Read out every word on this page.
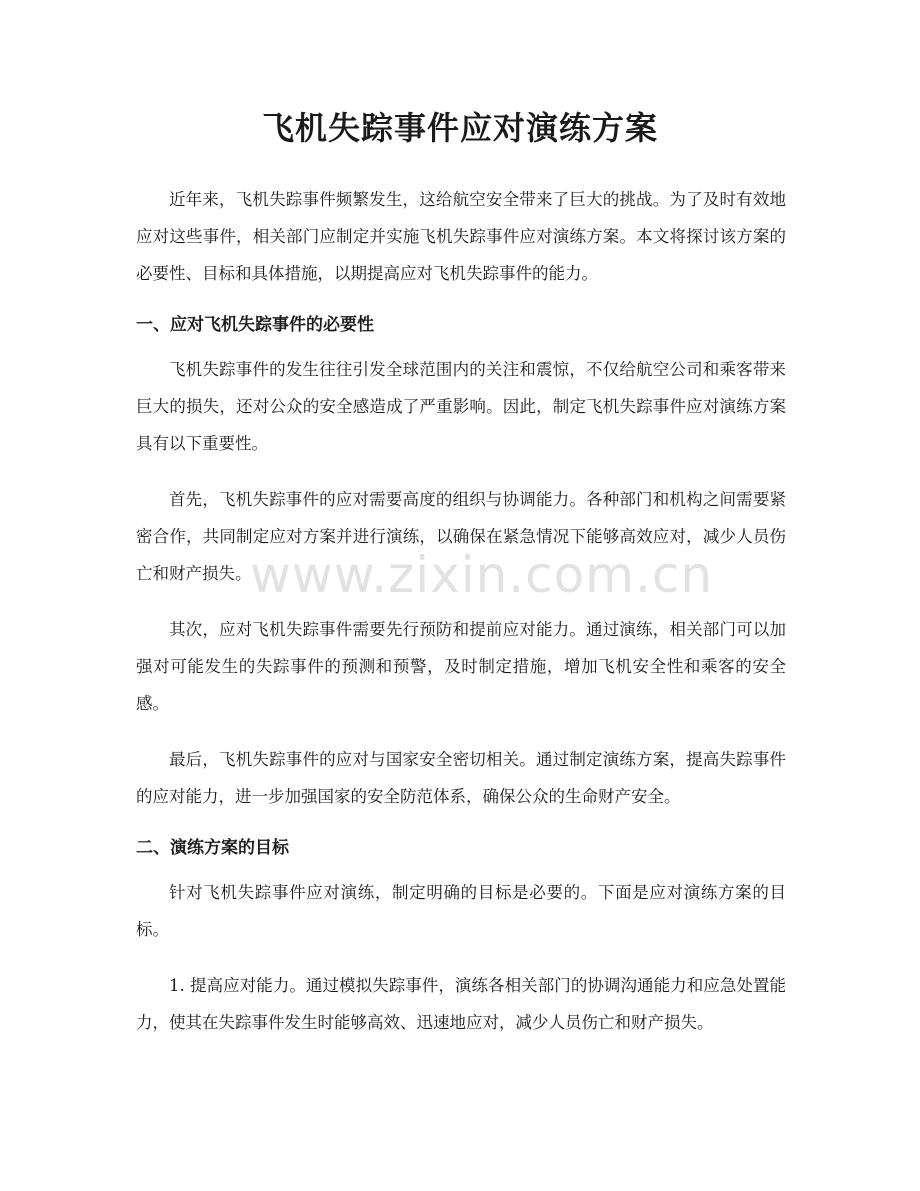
飞机失踪事件应对演练方案

近年来，飞机失踪事件频繁发生，这给航空安全带来了巨大的挑战。为了及时有效地应对这些事件，相关部门应制定并实施飞机失踪事件应对演练方案。本文将探讨该方案的必要性、目标和具体措施，以期提高应对飞机失踪事件的能力。

一、应对飞机失踪事件的必要性

飞机失踪事件的发生往往引发全球范围内的关注和震惊，不仅给航空公司和乘客带来巨大的损失，还对公众的安全感造成了严重影响。因此，制定飞机失踪事件应对演练方案具有以下重要性。

首先，飞机失踪事件的应对需要高度的组织与协调能力。各种部门和机构之间需要紧密合作，共同制定应对方案并进行演练，以确保在紧急情况下能够高效应对，减少人员伤亡和财产损失。

其次，应对飞机失踪事件需要先行预防和提前应对能力。通过演练，相关部门可以加强对可能发生的失踪事件的预测和预警，及时制定措施，增加飞机安全性和乘客的安全感。

最后，飞机失踪事件的应对与国家安全密切相关。通过制定演练方案，提高失踪事件的应对能力，进一步加强国家的安全防范体系，确保公众的生命财产安全。

二、演练方案的目标

针对飞机失踪事件应对演练，制定明确的目标是必要的。下面是应对演练方案的目标。

1. 提高应对能力。通过模拟失踪事件，演练各相关部门的协调沟通能力和应急处置能力，使其在失踪事件发生时能够高效、迅速地应对，减少人员伤亡和财产损失。

www.zixin.com.cn
